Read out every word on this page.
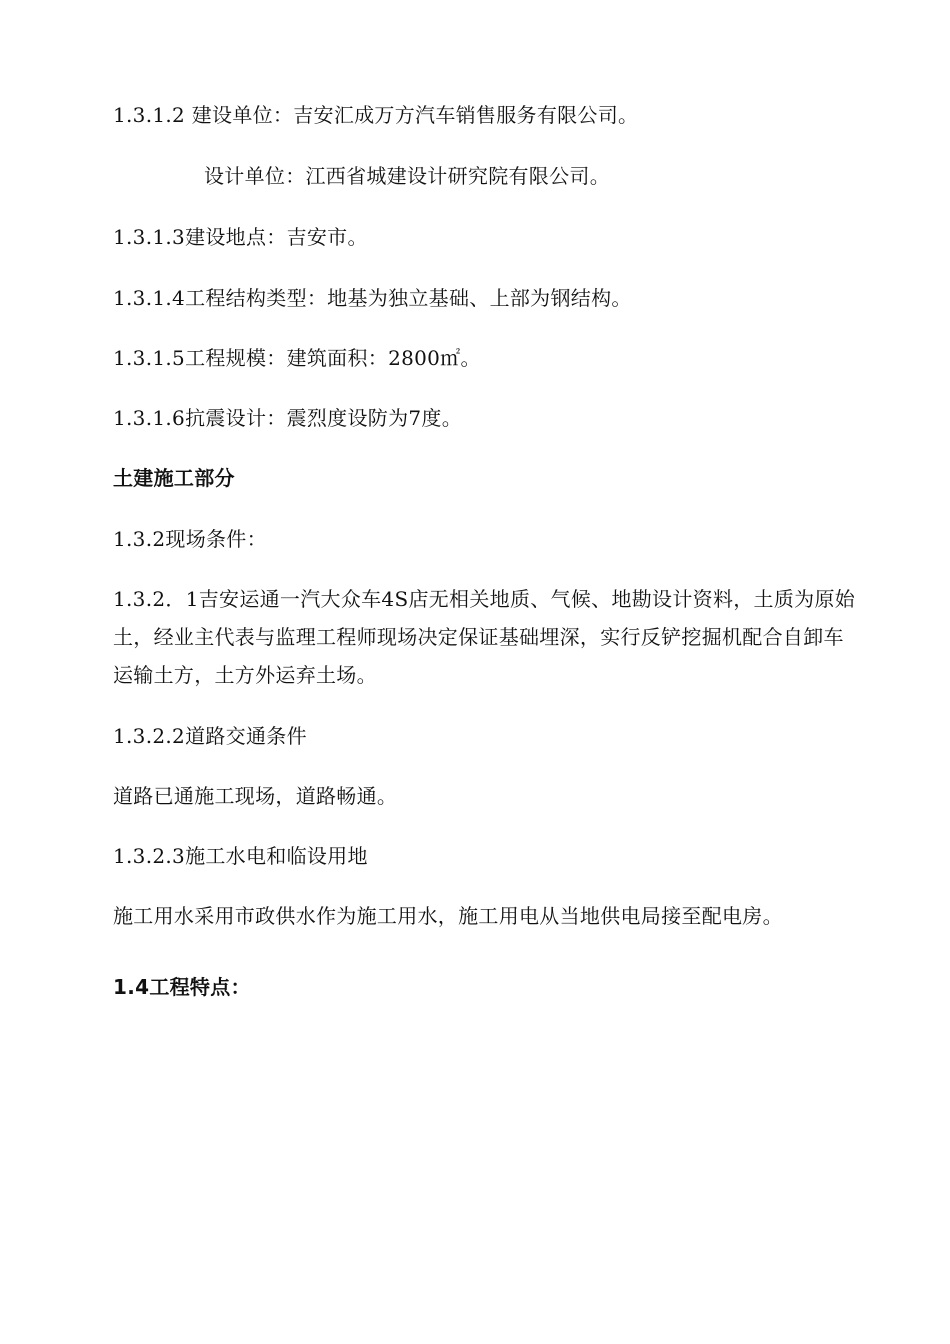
1.3.1.2 建设单位：吉安汇成万方汽车销售服务有限公司。
设计单位：江西省城建设计研究院有限公司。
1.3.1.3建设地点：吉安市。
1.3.1.4工程结构类型：地基为独立基础、上部为钢结构。
1.3.1.5工程规模：建筑面积：2800㎡。
1.3.1.6抗震设计：震烈度设防为7度。
土建施工部分
1.3.2现场条件：
1.3.2．1吉安运通一汽大众车4S店无相关地质、气候、地勘设计资料，土质为原始土，经业主代表与监理工程师现场决定保证基础埋深，实行反铲挖掘机配合自卸车运输土方，土方外运弃土场。
1.3.2.2道路交通条件
道路已通施工现场，道路畅通。
1.3.2.3施工水电和临设用地
施工用水采用市政供水作为施工用水，施工用电从当地供电局接至配电房。
1.4工程特点：
